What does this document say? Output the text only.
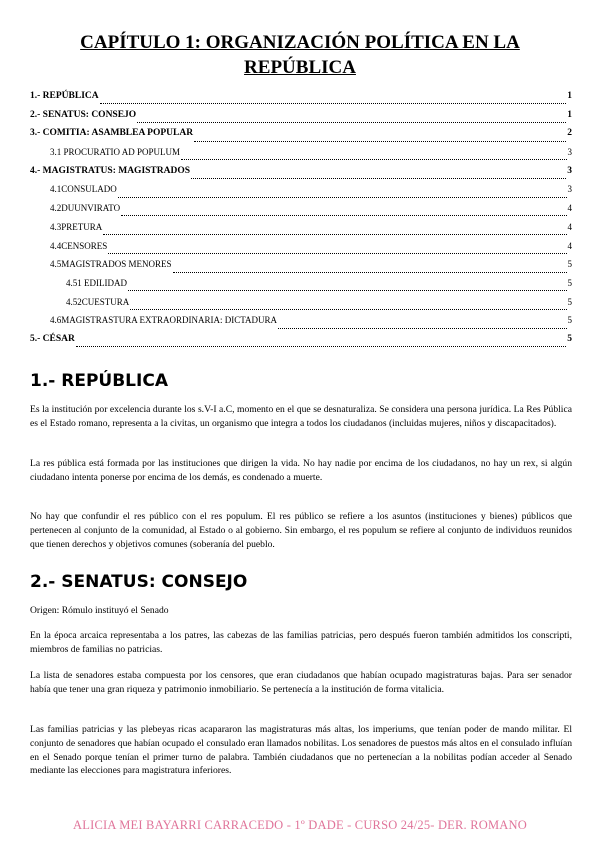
CAPÍTULO 1: ORGANIZACIÓN POLÍTICA EN LA
REPÚBLICA
1.- REPÚBLICA	1
2.- SENATUS: CONSEJO	1
3.- COMITIA: ASAMBLEA POPULAR	2
3.1 PROCURATIO AD POPULUM	3
4.- MAGISTRATUS: MAGISTRADOS	3
4.1CONSULADO	3
4.2DUUNVIRATO	4
4.3PRETURA	4
4.4CENSORES	4
4.5MAGISTRADOS MENORES	5
4.51 EDILIDAD	5
4.52CUESTURA	5
4.6MAGISTRASTURA EXTRAORDINARIA: DICTADURA	5
5.- CÉSAR	5
1.- REPÚBLICA
Es la institución por excelencia durante los s.V-I a.C, momento en el que se desnaturaliza. Se considera una persona jurídica. La Res Pública es el Estado romano, representa a la civitas, un organismo que integra a todos los ciudadanos (incluidas mujeres, niños y discapacitados).
La res pública está formada por las instituciones que dirigen la vida. No hay nadie por encima de los ciudadanos, no hay un rex, si algún ciudadano intenta ponerse por encima de los demás, es condenado a muerte.
No hay que confundir el res público con el res populum. El res público se refiere a los asuntos (instituciones y bienes) públicos que pertenecen al conjunto de la comunidad, al Estado o al gobierno. Sin embargo, el res populum se refiere al conjunto de individuos reunidos que tienen derechos y objetivos comunes (soberanía del pueblo.
2.- SENATUS: CONSEJO
Origen: Rómulo instituyó el Senado
En la época arcaica representaba a los patres, las cabezas de las familias patricias, pero después fueron también admitidos los conscripti, miembros de familias no patricias.
La lista de senadores estaba compuesta por los censores, que eran ciudadanos que habían ocupado magistraturas bajas. Para ser senador había que tener una gran riqueza y patrimonio inmobiliario. Se pertenecía a la institución de forma vitalicia.
Las familias patricias y las plebeyas ricas acapararon las magistraturas más altas, los imperiums, que tenían poder de mando militar. El conjunto de senadores que habían ocupado el consulado eran llamados nobilitas. Los senadores de puestos más altos en el consulado influían en el Senado porque tenían el primer turno de palabra. También ciudadanos que no pertenecían a la nobilitas podían acceder al Senado mediante las elecciones para magistratura inferiores.
ALICIA MEI BAYARRI CARRACEDO - 1º DADE - CURSO 24/25- DER. ROMANO
